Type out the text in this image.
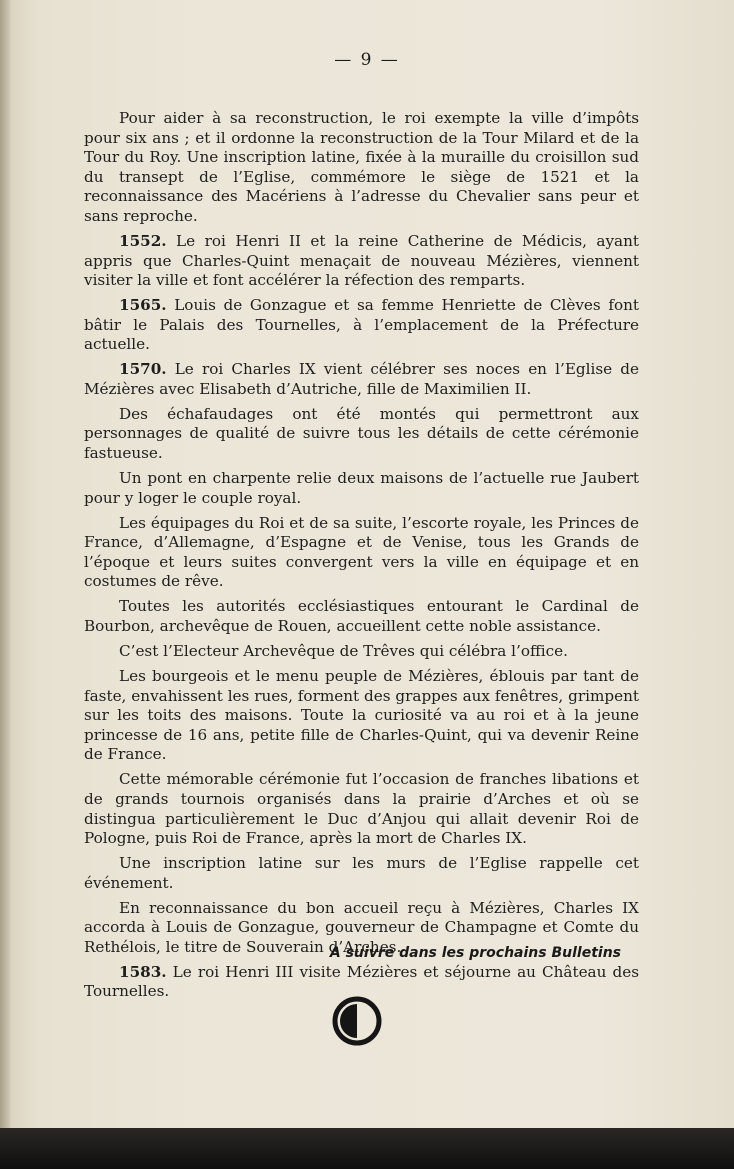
— 9 —

Pour aider à sa reconstruction, le roi exempte la ville d’impôts pour six ans ; et il ordonne la reconstruction de la Tour Milard et de la Tour du Roy. Une inscription latine, fixée à la muraille du croisillon sud du transept de l’Eglise, commémore le siège de 1521 et la reconnaissance des Macériens à l’adresse du Chevalier sans peur et sans reproche.

1552. Le roi Henri II et la reine Catherine de Médicis, ayant appris que Charles-Quint menaçait de nouveau Mézières, viennent visiter la ville et font accélérer la réfection des remparts.

1565. Louis de Gonzague et sa femme Henriette de Clèves font bâtir le Palais des Tournelles, à l’emplacement de la Préfecture actuelle.

1570. Le roi Charles IX vient célébrer ses noces en l’Eglise de Mézières avec Elisabeth d’Autriche, fille de Maximilien II.

Des échafaudages ont été montés qui permettront aux personnages de qualité de suivre tous les détails de cette cérémonie fastueuse.

Un pont en charpente relie deux maisons de l’actuelle rue Jaubert pour y loger le couple royal.

Les équipages du Roi et de sa suite, l’escorte royale, les Princes de France, d’Allemagne, d’Espagne et de Venise, tous les Grands de l’époque et leurs suites convergent vers la ville en équipage et en costumes de rêve.

Toutes les autorités ecclésiastiques entourant le Cardinal de Bourbon, archevêque de Rouen, accueillent cette noble assistance.

C’est l’Electeur Archevêque de Trêves qui célébra l’office.

Les bourgeois et le menu peuple de Mézières, éblouis par tant de faste, envahissent les rues, forment des grappes aux fenêtres, grimpent sur les toits des maisons. Toute la curiosité va au roi et à la jeune princesse de 16 ans, petite fille de Charles-Quint, qui va devenir Reine de France.

Cette mémorable cérémonie fut l’occasion de franches libations et de grands tournois organisés dans la prairie d’Arches et où se distingua particulièrement le Duc d’Anjou qui allait devenir Roi de Pologne, puis Roi de France, après la mort de Charles IX.

Une inscription latine sur les murs de l’Eglise rappelle cet événement.

En reconnaissance du bon accueil reçu à Mézières, Charles IX accorda à Louis de Gonzague, gouverneur de Champagne et Comte du Rethélois, le titre de Souverain d’Arches.

1583. Le roi Henri III visite Mézières et séjourne au Château des Tournelles.

A suivre dans les prochains Bulletins
